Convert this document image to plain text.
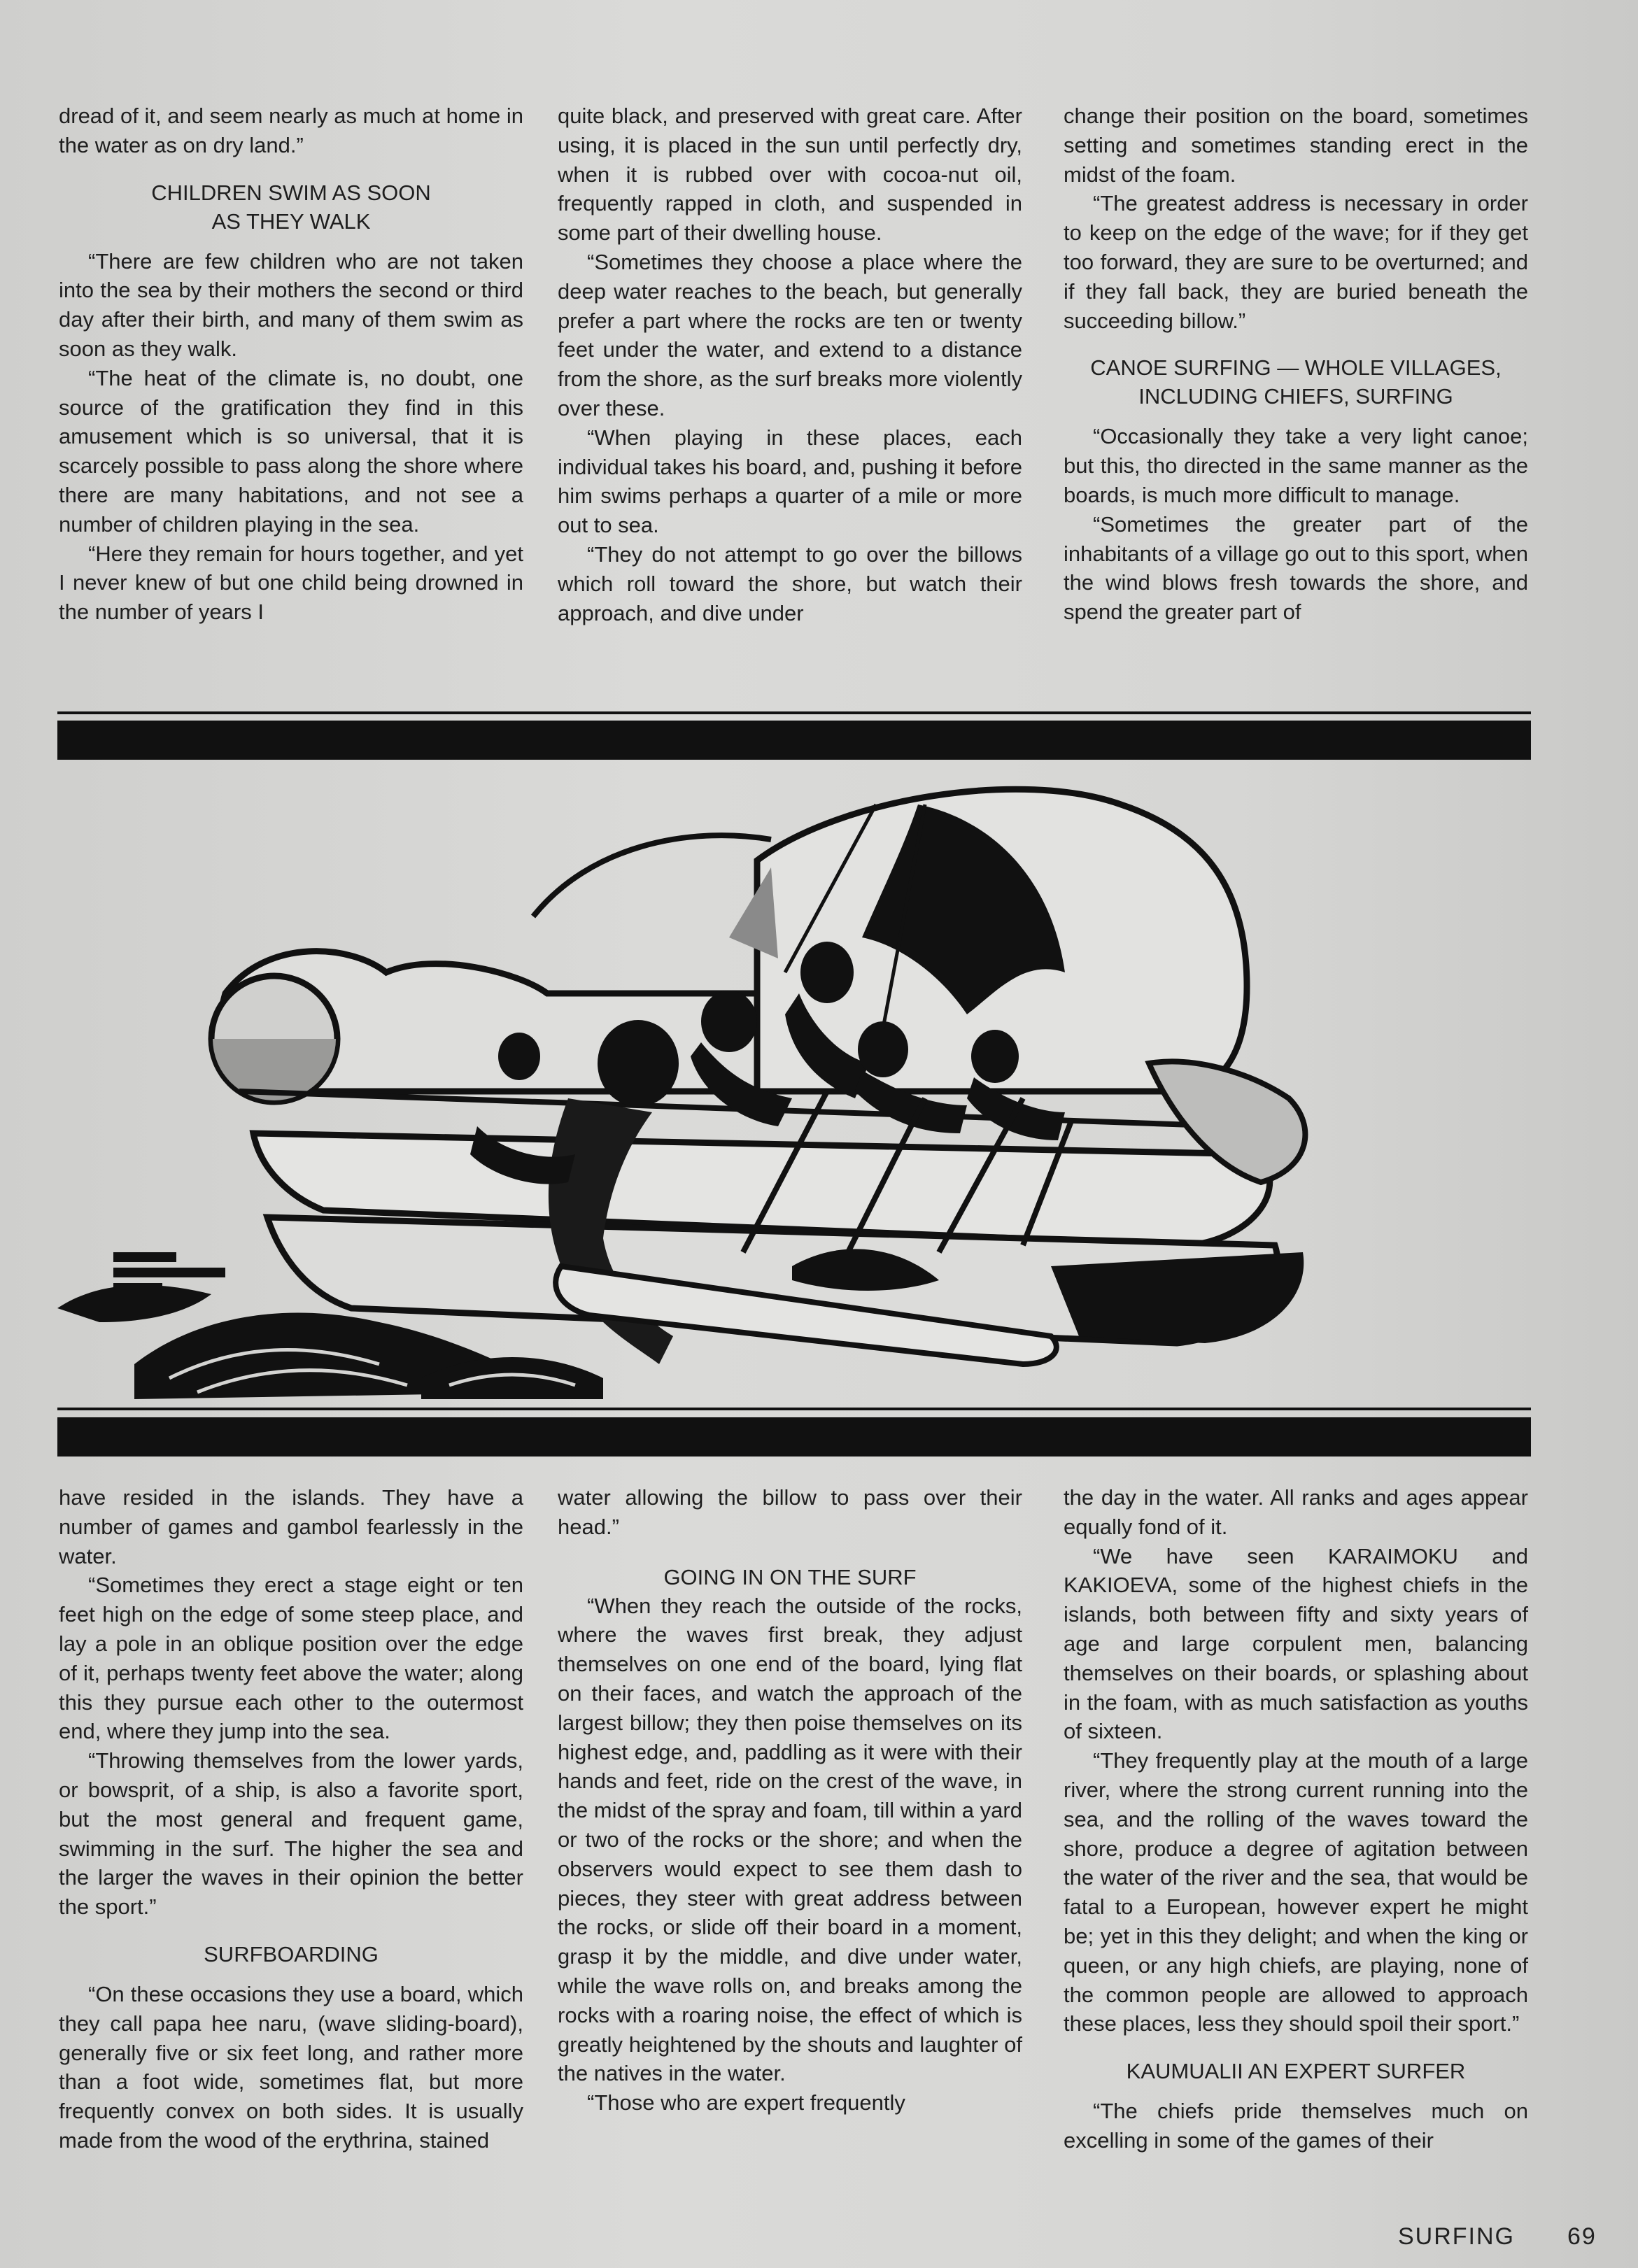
dread of it, and seem nearly as much at home in the water as on dry land.”

CHILDREN SWIM AS SOON AS THEY WALK

“There are few children who are not taken into the sea by their mothers the second or third day after their birth, and many of them swim as soon as they walk.

“The heat of the climate is, no doubt, one source of the gratification they find in this amusement which is so universal, that it is scarcely possible to pass along the shore where there are many habitations, and not see a number of children playing in the sea.

“Here they remain for hours together, and yet I never knew of but one child being drowned in the number of years I

quite black, and preserved with great care. After using, it is placed in the sun until perfectly dry, when it is rubbed over with cocoa-nut oil, frequently rapped in cloth, and suspended in some part of their dwelling house.

“Sometimes they choose a place where the deep water reaches to the beach, but generally prefer a part where the rocks are ten or twenty feet under the water, and extend to a distance from the shore, as the surf breaks more violently over these.

“When playing in these places, each individual takes his board, and, pushing it before him swims perhaps a quarter of a mile or more out to sea.

“They do not attempt to go over the billows which roll toward the shore, but watch their approach, and dive under

change their position on the board, sometimes setting and sometimes standing erect in the midst of the foam.

“The greatest address is necessary in order to keep on the edge of the wave; for if they get too forward, they are sure to be overturned; and if they fall back, they are buried beneath the succeeding billow.”

CANOE SURFING — WHOLE VILLAGES, INCLUDING CHIEFS, SURFING

“Occasionally they take a very light canoe; but this, tho directed in the same manner as the boards, is much more difficult to manage.

“Sometimes the greater part of the inhabitants of a village go out to this sport, when the wind blows fresh towards the shore, and spend the greater part of

have resided in the islands. They have a number of games and gambol fearlessly in the water.

“Sometimes they erect a stage eight or ten feet high on the edge of some steep place, and lay a pole in an oblique position over the edge of it, perhaps twenty feet above the water; along this they pursue each other to the outermost end, where they jump into the sea.

“Throwing themselves from the lower yards, or bowsprit, of a ship, is also a favorite sport, but the most general and frequent game, swimming in the surf. The higher the sea and the larger the waves in their opinion the better the sport.”

SURFBOARDING

“On these occasions they use a board, which they call papa hee naru, (wave sliding-board), generally five or six feet long, and rather more than a foot wide, sometimes flat, but more frequently convex on both sides. It is usually made from the wood of the erythrina, stained

water allowing the billow to pass over their head.”

GOING IN ON THE SURF

“When they reach the outside of the rocks, where the waves first break, they adjust themselves on one end of the board, lying flat on their faces, and watch the approach of the largest billow; they then poise themselves on its highest edge, and, paddling as it were with their hands and feet, ride on the crest of the wave, in the midst of the spray and foam, till within a yard or two of the rocks or the shore; and when the observers would expect to see them dash to pieces, they steer with great address between the rocks, or slide off their board in a moment, grasp it by the middle, and dive under water, while the wave rolls on, and breaks among the rocks with a roaring noise, the effect of which is greatly heightened by the shouts and laughter of the natives in the water.

“Those who are expert frequently

the day in the water. All ranks and ages appear equally fond of it.

“We have seen KARAIMOKU and KAKIOEVA, some of the highest chiefs in the islands, both between fifty and sixty years of age and large corpulent men, balancing themselves on their boards, or splashing about in the foam, with as much satisfaction as youths of sixteen.

“They frequently play at the mouth of a large river, where the strong current running into the sea, and the rolling of the waves toward the shore, produce a degree of agitation between the water of the river and the sea, that would be fatal to a European, however expert he might be; yet in this they delight; and when the king or queen, or any high chiefs, are playing, none of the common people are allowed to approach these places, less they should spoil their sport.”

KAUMUALII AN EXPERT SURFER

“The chiefs pride themselves much on excelling in some of the games of their

SURFING 69
